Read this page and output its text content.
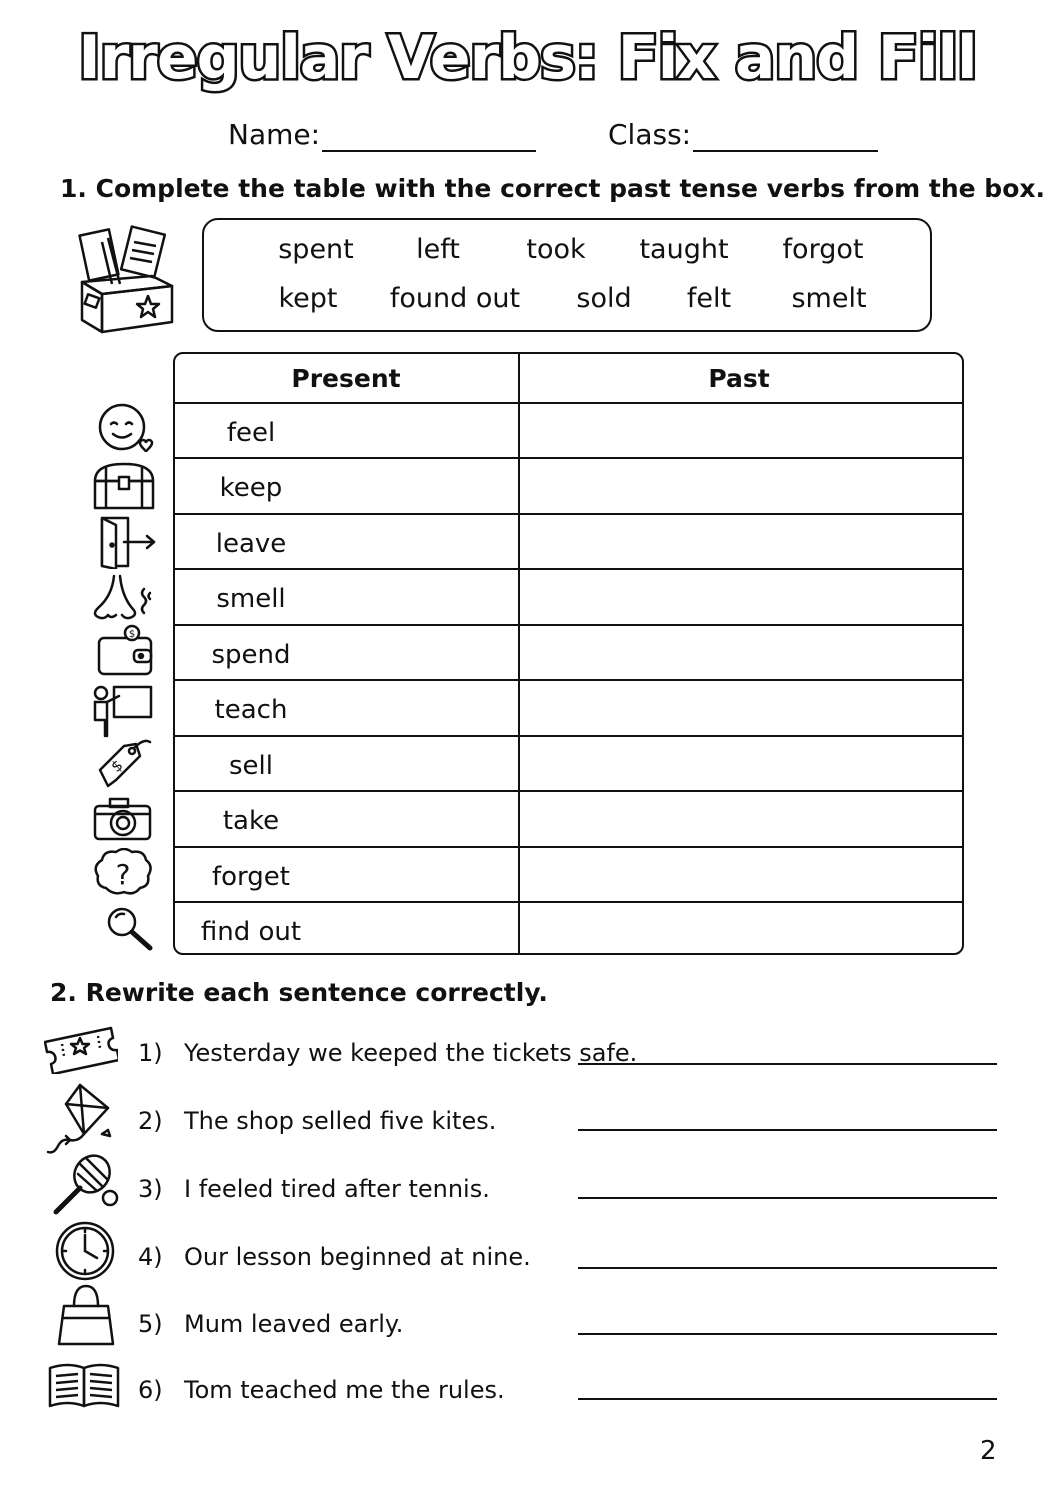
Irregular Verbs: Fix and Fill
Name:	Class:
1. Complete the table with the correct past tense verbs from the box.
spent left took taught forgot
kept found out sold felt smelt
Present	Past
feel
keep
leave
smell
spend
teach
sell
take
forget
find out
$
$
?
2. Rewrite each sentence correctly.
1) Yesterday we keeped the tickets safe.
2) The shop selled five kites.
3) I feeled tired after tennis.
4) Our lesson beginned at nine.
5) Mum leaved early.
6) Tom teached me the rules.
2
